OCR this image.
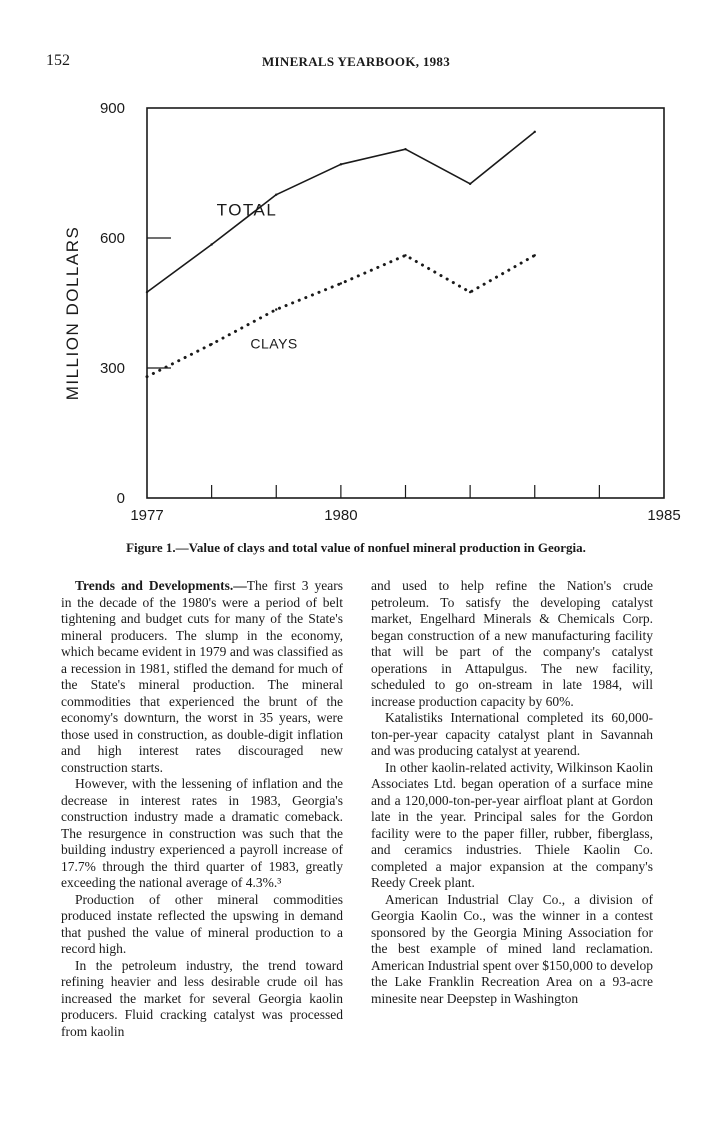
152	MINERALS YEARBOOK, 1983
0
300
600
900
1977	1980	1985
MILLION DOLLARS
TOTAL
CLAYS
Figure 1.—Value of clays and total value of nonfuel mineral production in Georgia.

Trends and Developments.—The first 3 years in the decade of the 1980's were a period of belt tightening and budget cuts for many of the State's mineral producers. The slump in the economy, which became evident in 1979 and was classified as a recession in 1981, stifled the demand for much of the State's mineral production. The mineral commodities that experienced the brunt of the economy's downturn, the worst in 35 years, were those used in construction, as double-digit inflation and high interest rates discouraged new construction starts.

However, with the lessening of inflation and the decrease in interest rates in 1983, Georgia's construction industry made a dramatic comeback. The resurgence in construction was such that the building industry experienced a payroll increase of 17.7% through the third quarter of 1983, greatly exceeding the national average of 4.3%.³

Production of other mineral commodities produced instate reflected the upswing in demand that pushed the value of mineral production to a record high.

In the petroleum industry, the trend toward refining heavier and less desirable crude oil has increased the market for several Georgia kaolin producers. Fluid cracking catalyst was processed from kaolin

and used to help refine the Nation's crude petroleum. To satisfy the developing catalyst market, Engelhard Minerals & Chemicals Corp. began construction of a new manufacturing facility that will be part of the company's catalyst operations in Attapulgus. The new facility, scheduled to go on-stream in late 1984, will increase production capacity by 60%.

Katalistiks International completed its 60,000-ton-per-year capacity catalyst plant in Savannah and was producing catalyst at yearend.

In other kaolin-related activity, Wilkinson Kaolin Associates Ltd. began operation of a surface mine and a 120,000-ton-per-year airfloat plant at Gordon late in the year. Principal sales for the Gordon facility were to the paper filler, rubber, fiberglass, and ceramics industries. Thiele Kaolin Co. completed a major expansion at the company's Reedy Creek plant.

American Industrial Clay Co., a division of Georgia Kaolin Co., was the winner in a contest sponsored by the Georgia Mining Association for the best example of mined land reclamation. American Industrial spent over $150,000 to develop the Lake Franklin Recreation Area on a 93-acre minesite near Deepstep in Washington
